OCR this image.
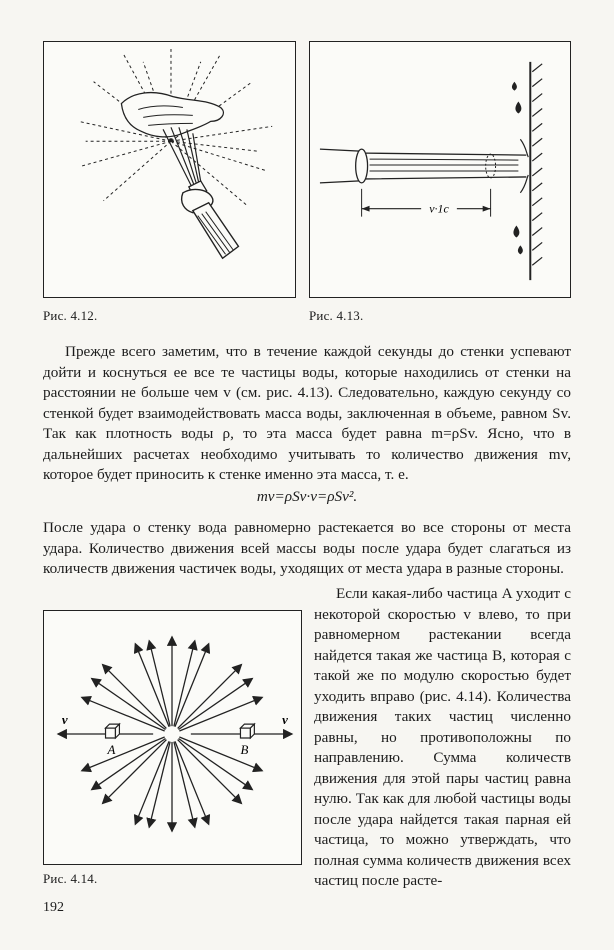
Рис. 4.12.
v·1c
Рис. 4.13.

Прежде всего заметим, что в течение каждой секунды до стенки успевают дойти и коснуться ее все те частицы воды, которые находились от стенки на расстоянии не больше чем v (см. рис. 4.13). Следовательно, каждую секунду со стенкой будет взаимодействовать масса воды, заключенная в объеме, равном Sv. Так как плотность воды ρ, то эта масса будет равна m=ρSv. Ясно, что в дальнейших расчетах необходимо учитывать то количество движения mv, которое будет приносить к стенке именно эта масса, т. е.

mv=ρSv·v=ρSv².

После удара о стенку вода равномерно растекается во все стороны от места удара. Количество движения всей массы воды после удара будет слагаться из количеств движения частичек воды, уходящих от места удара в разные стороны.

v	v
A	B
Рис. 4.14.

Если какая-либо частица A уходит с некоторой скоростью v влево, то при равномерном растекании всегда найдется такая же частица B, которая с такой же по модулю скоростью будет уходить вправо (рис. 4.14). Количества движения таких частиц численно равны, но противоположны по направлению. Сумма количеств движения для этой пары частиц равна нулю. Так как для любой частицы воды после удара найдется такая парная ей частица, то можно утверждать, что полная сумма количеств движения всех частиц после расте-

192
